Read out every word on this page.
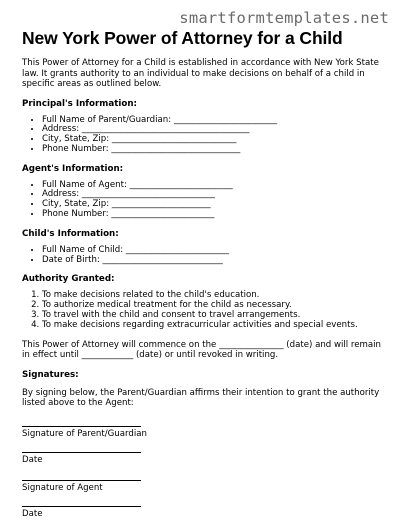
smartformtemplates.net
New York Power of Attorney for a Child

This Power of Attorney for a Child is established in accordance with New York State law. It grants authority to an individual to make decisions on behalf of a child in specific areas as outlined below.

Principal's Information:
• Full Name of Parent/Guardian: ________________________
• Address: _______________________________________
• City, State, Zip: _____________________________
• Phone Number: ______________________________
Agent's Information:
• Full Name of Agent: ________________________
• Address: _______________________________
• City, State, Zip: _______________________
• Phone Number: ________________________
Child's Information:
• Full Name of Child: ________________________
• Date of Birth: ____________________________
Authority Granted:
1. To make decisions related to the child's education.
2. To authorize medical treatment for the child as necessary.
3. To travel with the child and consent to travel arrangements.
4. To make decisions regarding extracurricular activities and special events.

This Power of Attorney will commence on the _______________ (date) and will remain in effect until ____________ (date) or until revoked in writing.

Signatures:

By signing below, the Parent/Guardian affirms their intention to grant the authority listed above to the Agent:

Signature of Parent/Guardian
Date
Signature of Agent
Date
